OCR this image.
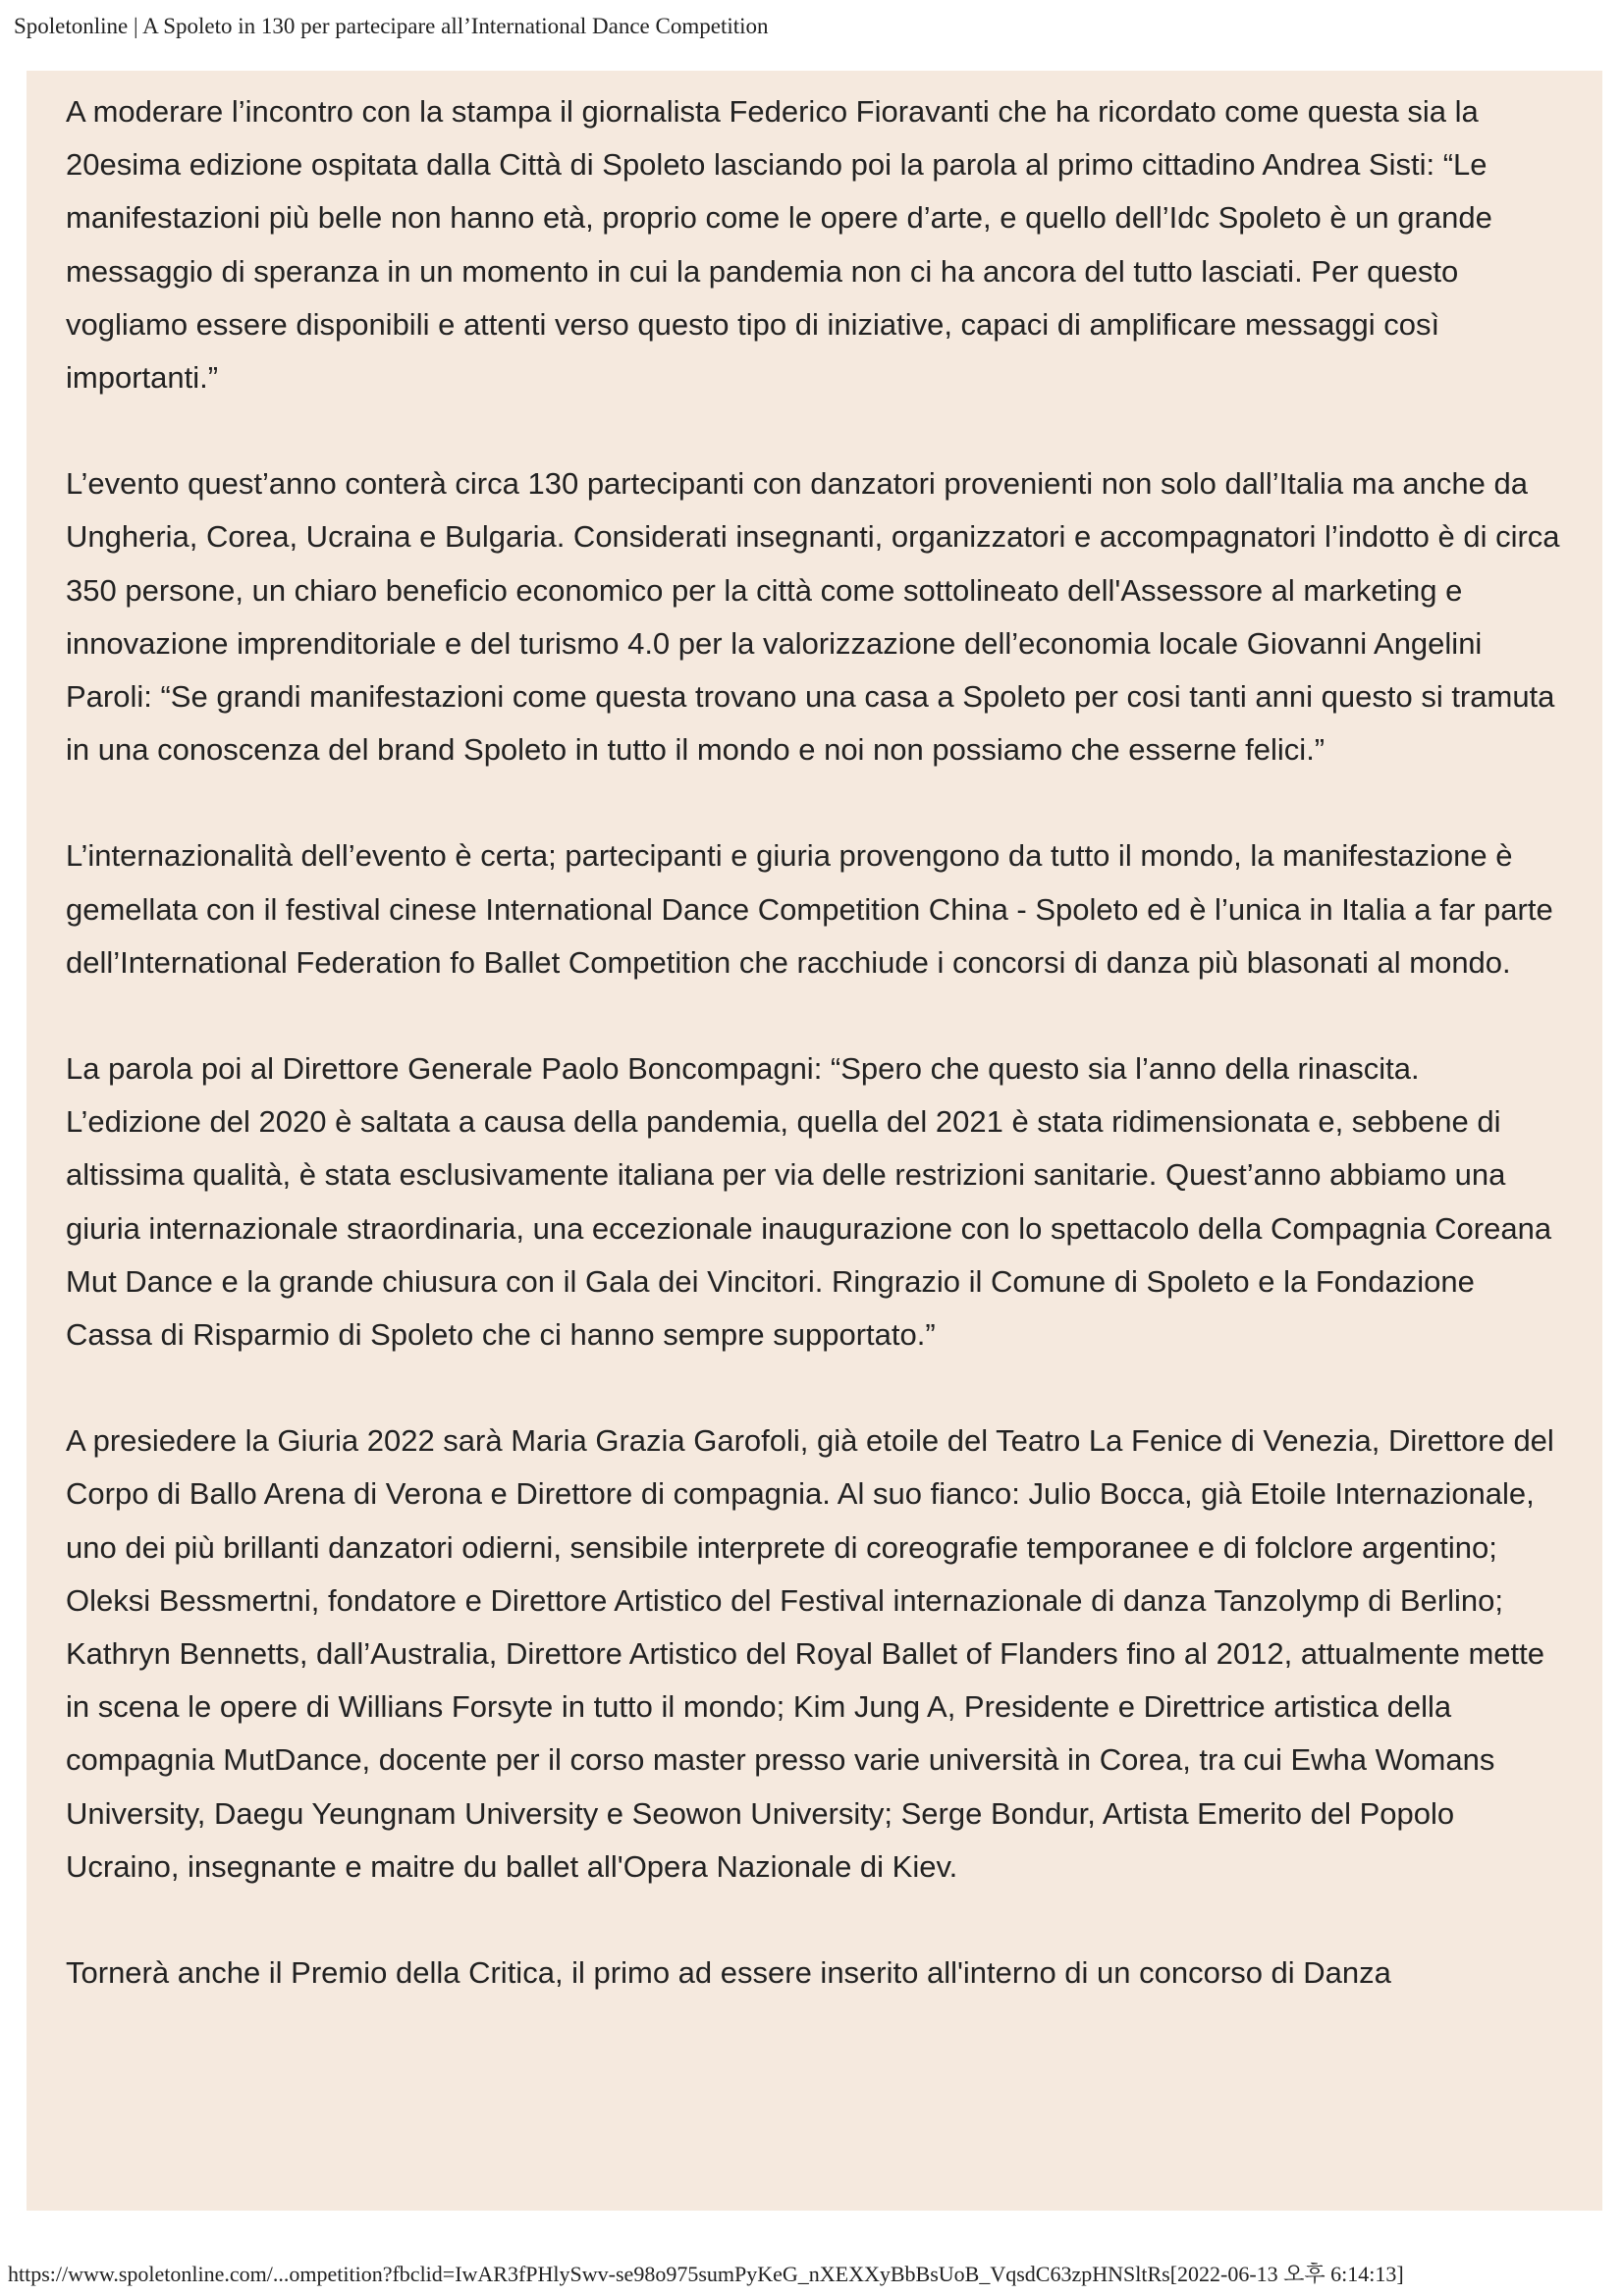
Spoletonline | A Spoleto in 130 per partecipare all’International Dance Competition

A moderare l’incontro con la stampa il giornalista Federico Fioravanti che ha ricordato come questa sia la 20esima edizione ospitata dalla Città di Spoleto lasciando poi la parola al primo cittadino Andrea Sisti: “Le manifestazioni più belle non hanno età, proprio come le opere d’arte, e quello dell’Idc Spoleto è un grande messaggio di speranza in un momento in cui la pandemia non ci ha ancora del tutto lasciati. Per questo vogliamo essere disponibili e attenti verso questo tipo di iniziative, capaci di amplificare messaggi così importanti.”

L’evento quest’anno conterà circa 130 partecipanti con danzatori provenienti non solo dall’Italia ma anche da Ungheria, Corea, Ucraina e Bulgaria. Considerati insegnanti, organizzatori e accompagnatori l’indotto è di circa 350 persone, un chiaro beneficio economico per la città come sottolineato dell'Assessore al marketing e innovazione imprenditoriale e del turismo 4.0 per la valorizzazione dell’economia locale Giovanni Angelini Paroli: “Se grandi manifestazioni come questa trovano una casa a Spoleto per cosi tanti anni questo si tramuta in una conoscenza del brand Spoleto in tutto il mondo e noi non possiamo che esserne felici.”

L’internazionalità dell’evento è certa; partecipanti e giuria provengono da tutto il mondo, la manifestazione è gemellata con il festival cinese International Dance Competition China - Spoleto ed è l’unica in Italia a far parte dell’International Federation fo Ballet Competition che racchiude i concorsi di danza più blasonati al mondo.

La parola poi al Direttore Generale Paolo Boncompagni: “Spero che questo sia l’anno della rinascita. L’edizione del 2020 è saltata a causa della pandemia, quella del 2021 è stata ridimensionata e, sebbene di altissima qualità, è stata esclusivamente italiana per via delle restrizioni sanitarie. Quest’anno abbiamo una giuria internazionale straordinaria, una eccezionale inaugurazione con lo spettacolo della Compagnia Coreana Mut Dance e la grande chiusura con il Gala dei Vincitori. Ringrazio il Comune di Spoleto e la Fondazione Cassa di Risparmio di Spoleto che ci hanno sempre supportato.”

A presiedere la Giuria 2022 sarà Maria Grazia Garofoli, già etoile del Teatro La Fenice di Venezia, Direttore del Corpo di Ballo Arena di Verona e Direttore di compagnia. Al suo fianco: Julio Bocca, già Etoile Internazionale, uno dei più brillanti danzatori odierni, sensibile interprete di coreografie temporanee e di folclore argentino; Oleksi Bessmertni, fondatore e Direttore Artistico del Festival internazionale di danza Tanzolymp di Berlino; Kathryn Bennetts, dall’Australia, Direttore Artistico del Royal Ballet of Flanders fino al 2012, attualmente mette in scena le opere di Willians Forsyte in tutto il mondo; Kim Jung A, Presidente e Direttrice artistica della compagnia MutDance, docente per il corso master presso varie università in Corea, tra cui Ewha Womans University, Daegu Yeungnam University e Seowon University; Serge Bondur, Artista Emerito del Popolo Ucraino, insegnante e maitre du ballet all'Opera Nazionale di Kiev.

Tornerà anche il Premio della Critica, il primo ad essere inserito all'interno di un concorso di Danza

https://www.spoletonline.com/...ompetition?fbclid=IwAR3fPHlySwv-se98o975sumPyKeG_nXEXXyBbBsUoB_VqsdC63zpHNSltRs[2022-06-13 오후 6:14:13]
